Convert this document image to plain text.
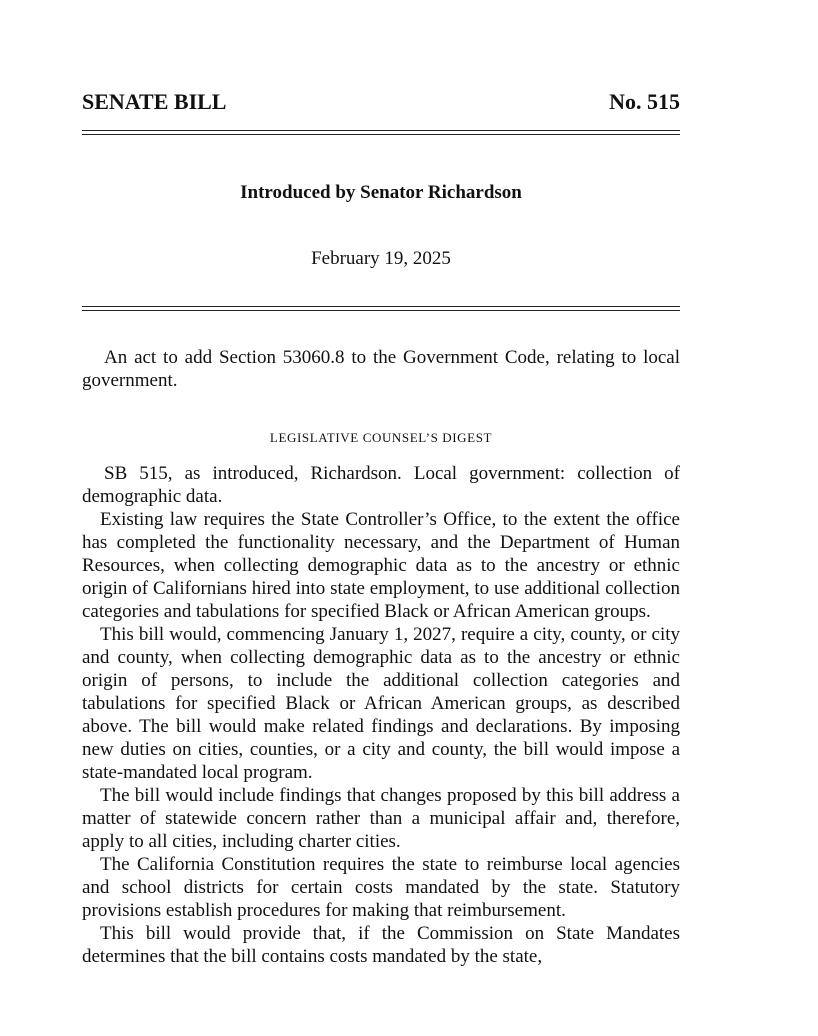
SENATE BILL	No. 515
Introduced by Senator Richardson
February 19, 2025

An act to add Section 53060.8 to the Government Code, relating to local government.

LEGISLATIVE COUNSEL’S DIGEST

SB 515, as introduced, Richardson. Local government: collection of demographic data.

Existing law requires the State Controller’s Office, to the extent the office has completed the functionality necessary, and the Department of Human Resources, when collecting demographic data as to the ancestry or ethnic origin of Californians hired into state employment, to use additional collection categories and tabulations for specified Black or African American groups.

This bill would, commencing January 1, 2027, require a city, county, or city and county, when collecting demographic data as to the ancestry or ethnic origin of persons, to include the additional collection categories and tabulations for specified Black or African American groups, as described above. The bill would make related findings and declarations. By imposing new duties on cities, counties, or a city and county, the bill would impose a state-mandated local program.

The bill would include findings that changes proposed by this bill address a matter of statewide concern rather than a municipal affair and, therefore, apply to all cities, including charter cities.

The California Constitution requires the state to reimburse local agencies and school districts for certain costs mandated by the state. Statutory provisions establish procedures for making that reimbursement.

This bill would provide that, if the Commission on State Mandates determines that the bill contains costs mandated by the state,
